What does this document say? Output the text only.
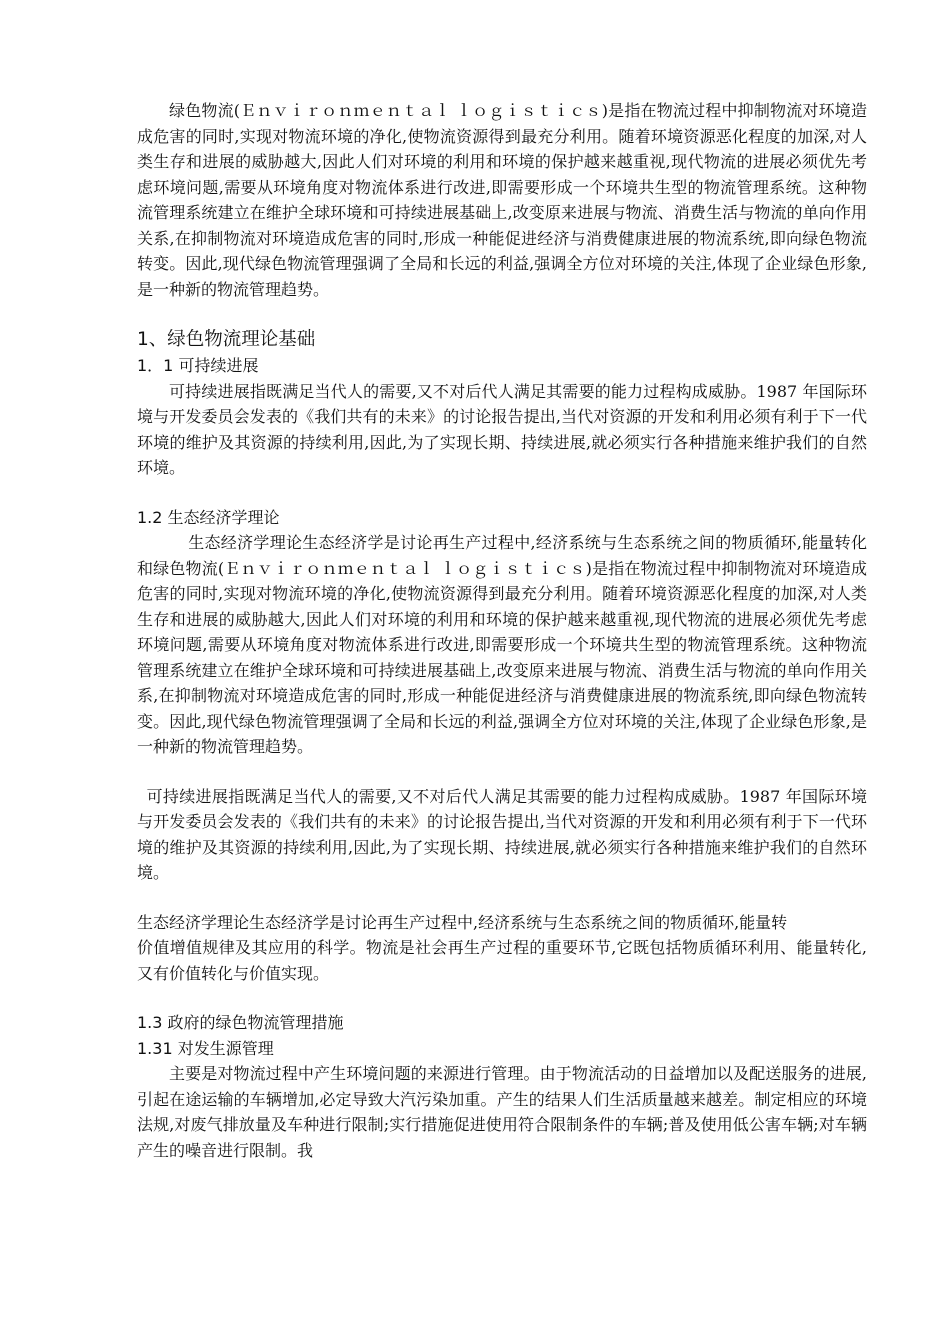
绿色物流(Ｅｎｖｉｒｏｎｍｅｎｔａｌ ｌｏｇｉｓｔｉｃｓ)是指在物流过程中抑制物流对环境造成危害的同时,实现对物流环境的净化,使物流资源得到最充分利用。随着环境资源恶化程度的加深,对人类生存和进展的威胁越大,因此人们对环境的利用和环境的保护越来越重视,现代物流的进展必须优先考虑环境问题,需要从环境角度对物流体系进行改进,即需要形成一个环境共生型的物流管理系统。这种物流管理系统建立在维护全球环境和可持续进展基础上,改变原来进展与物流、消费生活与物流的单向作用关系,在抑制物流对环境造成危害的同时,形成一种能促进经济与消费健康进展的物流系统,即向绿色物流转变。因此,现代绿色物流管理强调了全局和长远的利益,强调全方位对环境的关注,体现了企业绿色形象,是一种新的物流管理趋势。

1、绿色物流理论基础

1．1 可持续进展

可持续进展指既满足当代人的需要,又不对后代人满足其需要的能力过程构成威胁。1987 年国际环境与开发委员会发表的《我们共有的未来》的讨论报告提出,当代对资源的开发和利用必须有利于下一代环境的维护及其资源的持续利用,因此,为了实现长期、持续进展,就必须实行各种措施来维护我们的自然环境。

1.2 生态经济学理论

生态经济学理论生态经济学是讨论再生产过程中,经济系统与生态系统之间的物质循环,能量转化和绿色物流(Ｅｎｖｉｒｏｎｍｅｎｔａｌ ｌｏｇｉｓｔｉｃｓ)是指在物流过程中抑制物流对环境造成危害的同时,实现对物流环境的净化,使物流资源得到最充分利用。随着环境资源恶化程度的加深,对人类生存和进展的威胁越大,因此人们对环境的利用和环境的保护越来越重视,现代物流的进展必须优先考虑环境问题,需要从环境角度对物流体系进行改进,即需要形成一个环境共生型的物流管理系统。这种物流管理系统建立在维护全球环境和可持续进展基础上,改变原来进展与物流、消费生活与物流的单向作用关系,在抑制物流对环境造成危害的同时,形成一种能促进经济与消费健康进展的物流系统,即向绿色物流转变。因此,现代绿色物流管理强调了全局和长远的利益,强调全方位对环境的关注,体现了企业绿色形象,是一种新的物流管理趋势。

可持续进展指既满足当代人的需要,又不对后代人满足其需要的能力过程构成威胁。1987 年国际环境与开发委员会发表的《我们共有的未来》的讨论报告提出,当代对资源的开发和利用必须有利于下一代环境的维护及其资源的持续利用,因此,为了实现长期、持续进展,就必须实行各种措施来维护我们的自然环境。

生态经济学理论生态经济学是讨论再生产过程中,经济系统与生态系统之间的物质循环,能量转

价值增值规律及其应用的科学。物流是社会再生产过程的重要环节,它既包括物质循环利用、能量转化,又有价值转化与价值实现。

1.3 政府的绿色物流管理措施

1.31 对发生源管理

主要是对物流过程中产生环境问题的来源进行管理。由于物流活动的日益增加以及配送服务的进展,引起在途运输的车辆增加,必定导致大汽污染加重。产生的结果人们生活质量越来越差。制定相应的环境法规,对废气排放量及车种进行限制;实行措施促进使用符合限制条件的车辆;普及使用低公害车辆;对车辆产生的噪音进行限制。我
